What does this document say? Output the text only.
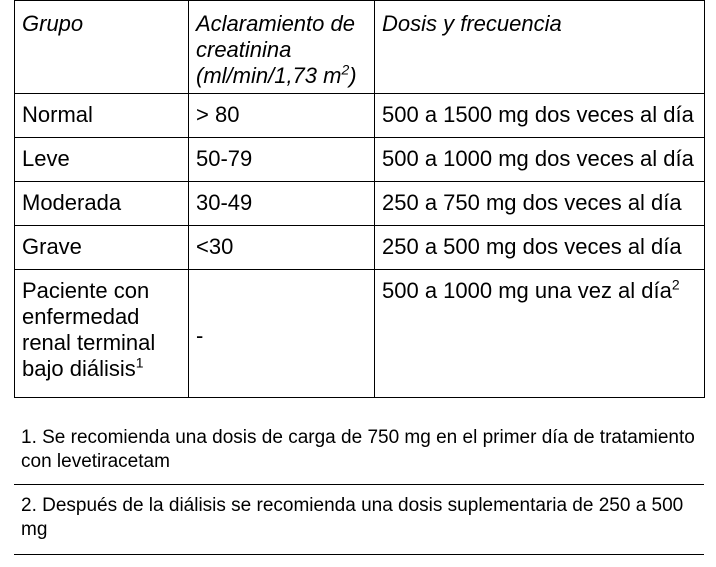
Grupo	Aclaramiento de creatinina (ml/min/1,73 $m^2$)	Dosis y frecuencia
Normal	> 80	500 a 1500 mg dos veces al día
Leve	50-79	500 a 1000 mg dos veces al día
Moderada	30-49	250 a 750 mg dos veces al día
Grave	<30	250 a 500 mg dos veces al día
Paciente con enfermedad renal terminal bajo diálisis$^1$	-	500 a 1000 mg una vez al día$^2$
1. Se recomienda una dosis de carga de 750 mg en el primer día de tratamiento con levetiracetam
2. Después de la diálisis se recomienda una dosis suplementaria de 250 a 500 mg
